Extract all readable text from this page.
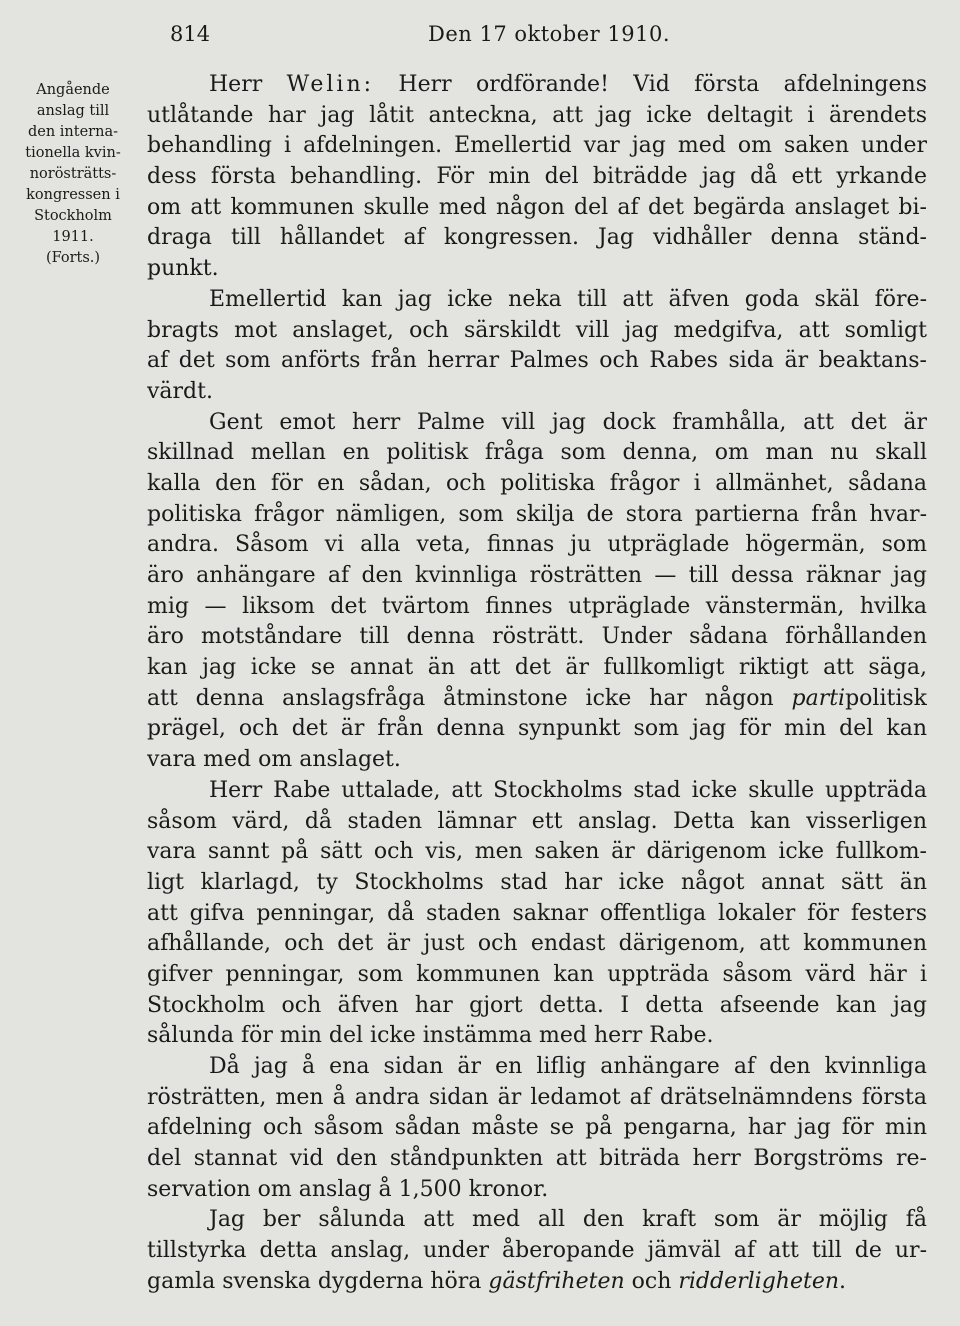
814	Den 17 oktober 1910.
Angående
anslag till
den interna-
tionella kvin-
norösträtts-
kongressen i
Stockholm
1911.
(Forts.)
Herr Welin: Herr ordförande! Vid första afdelningens
utlåtande har jag låtit anteckna, att jag icke deltagit i ärendets
behandling i afdelningen. Emellertid var jag med om saken under
dess första behandling. För min del biträdde jag då ett yrkande
om att kommunen skulle med någon del af det begärda anslaget bi-
draga till hållandet af kongressen. Jag vidhåller denna ständ-
punkt.
Emellertid kan jag icke neka till att äfven goda skäl före-
bragts mot anslaget, och särskildt vill jag medgifva, att somligt
af det som anförts från herrar Palmes och Rabes sida är beaktans-
värdt.
Gent emot herr Palme vill jag dock framhålla, att det är
skillnad mellan en politisk fråga som denna, om man nu skall
kalla den för en sådan, och politiska frågor i allmänhet, sådana
politiska frågor nämligen, som skilja de stora partierna från hvar-
andra. Såsom vi alla veta, finnas ju utpräglade högermän, som
äro anhängare af den kvinnliga rösträtten — till dessa räknar jag
mig — liksom det tvärtom finnes utpräglade vänstermän, hvilka
äro motståndare till denna rösträtt. Under sådana förhållanden
kan jag icke se annat än att det är fullkomligt riktigt att säga,
att denna anslagsfråga åtminstone icke har någon partipolitisk
prägel, och det är från denna synpunkt som jag för min del kan
vara med om anslaget.
Herr Rabe uttalade, att Stockholms stad icke skulle uppträda
såsom värd, då staden lämnar ett anslag. Detta kan visserligen
vara sannt på sätt och vis, men saken är därigenom icke fullkom-
ligt klarlagd, ty Stockholms stad har icke något annat sätt än
att gifva penningar, då staden saknar offentliga lokaler för festers
afhållande, och det är just och endast därigenom, att kommunen
gifver penningar, som kommunen kan uppträda såsom värd här i
Stockholm och äfven har gjort detta. I detta afseende kan jag
sålunda för min del icke instämma med herr Rabe.
Då jag å ena sidan är en liflig anhängare af den kvinnliga
rösträtten, men å andra sidan är ledamot af drätselnämndens första
afdelning och såsom sådan måste se på pengarna, har jag för min
del stannat vid den ståndpunkten att biträda herr Borgströms re-
servation om anslag å 1,500 kronor.
Jag ber sålunda att med all den kraft som är möjlig få
tillstyrka detta anslag, under åberopande jämväl af att till de ur-
gamla svenska dygderna höra gästfriheten och ridderligheten.
